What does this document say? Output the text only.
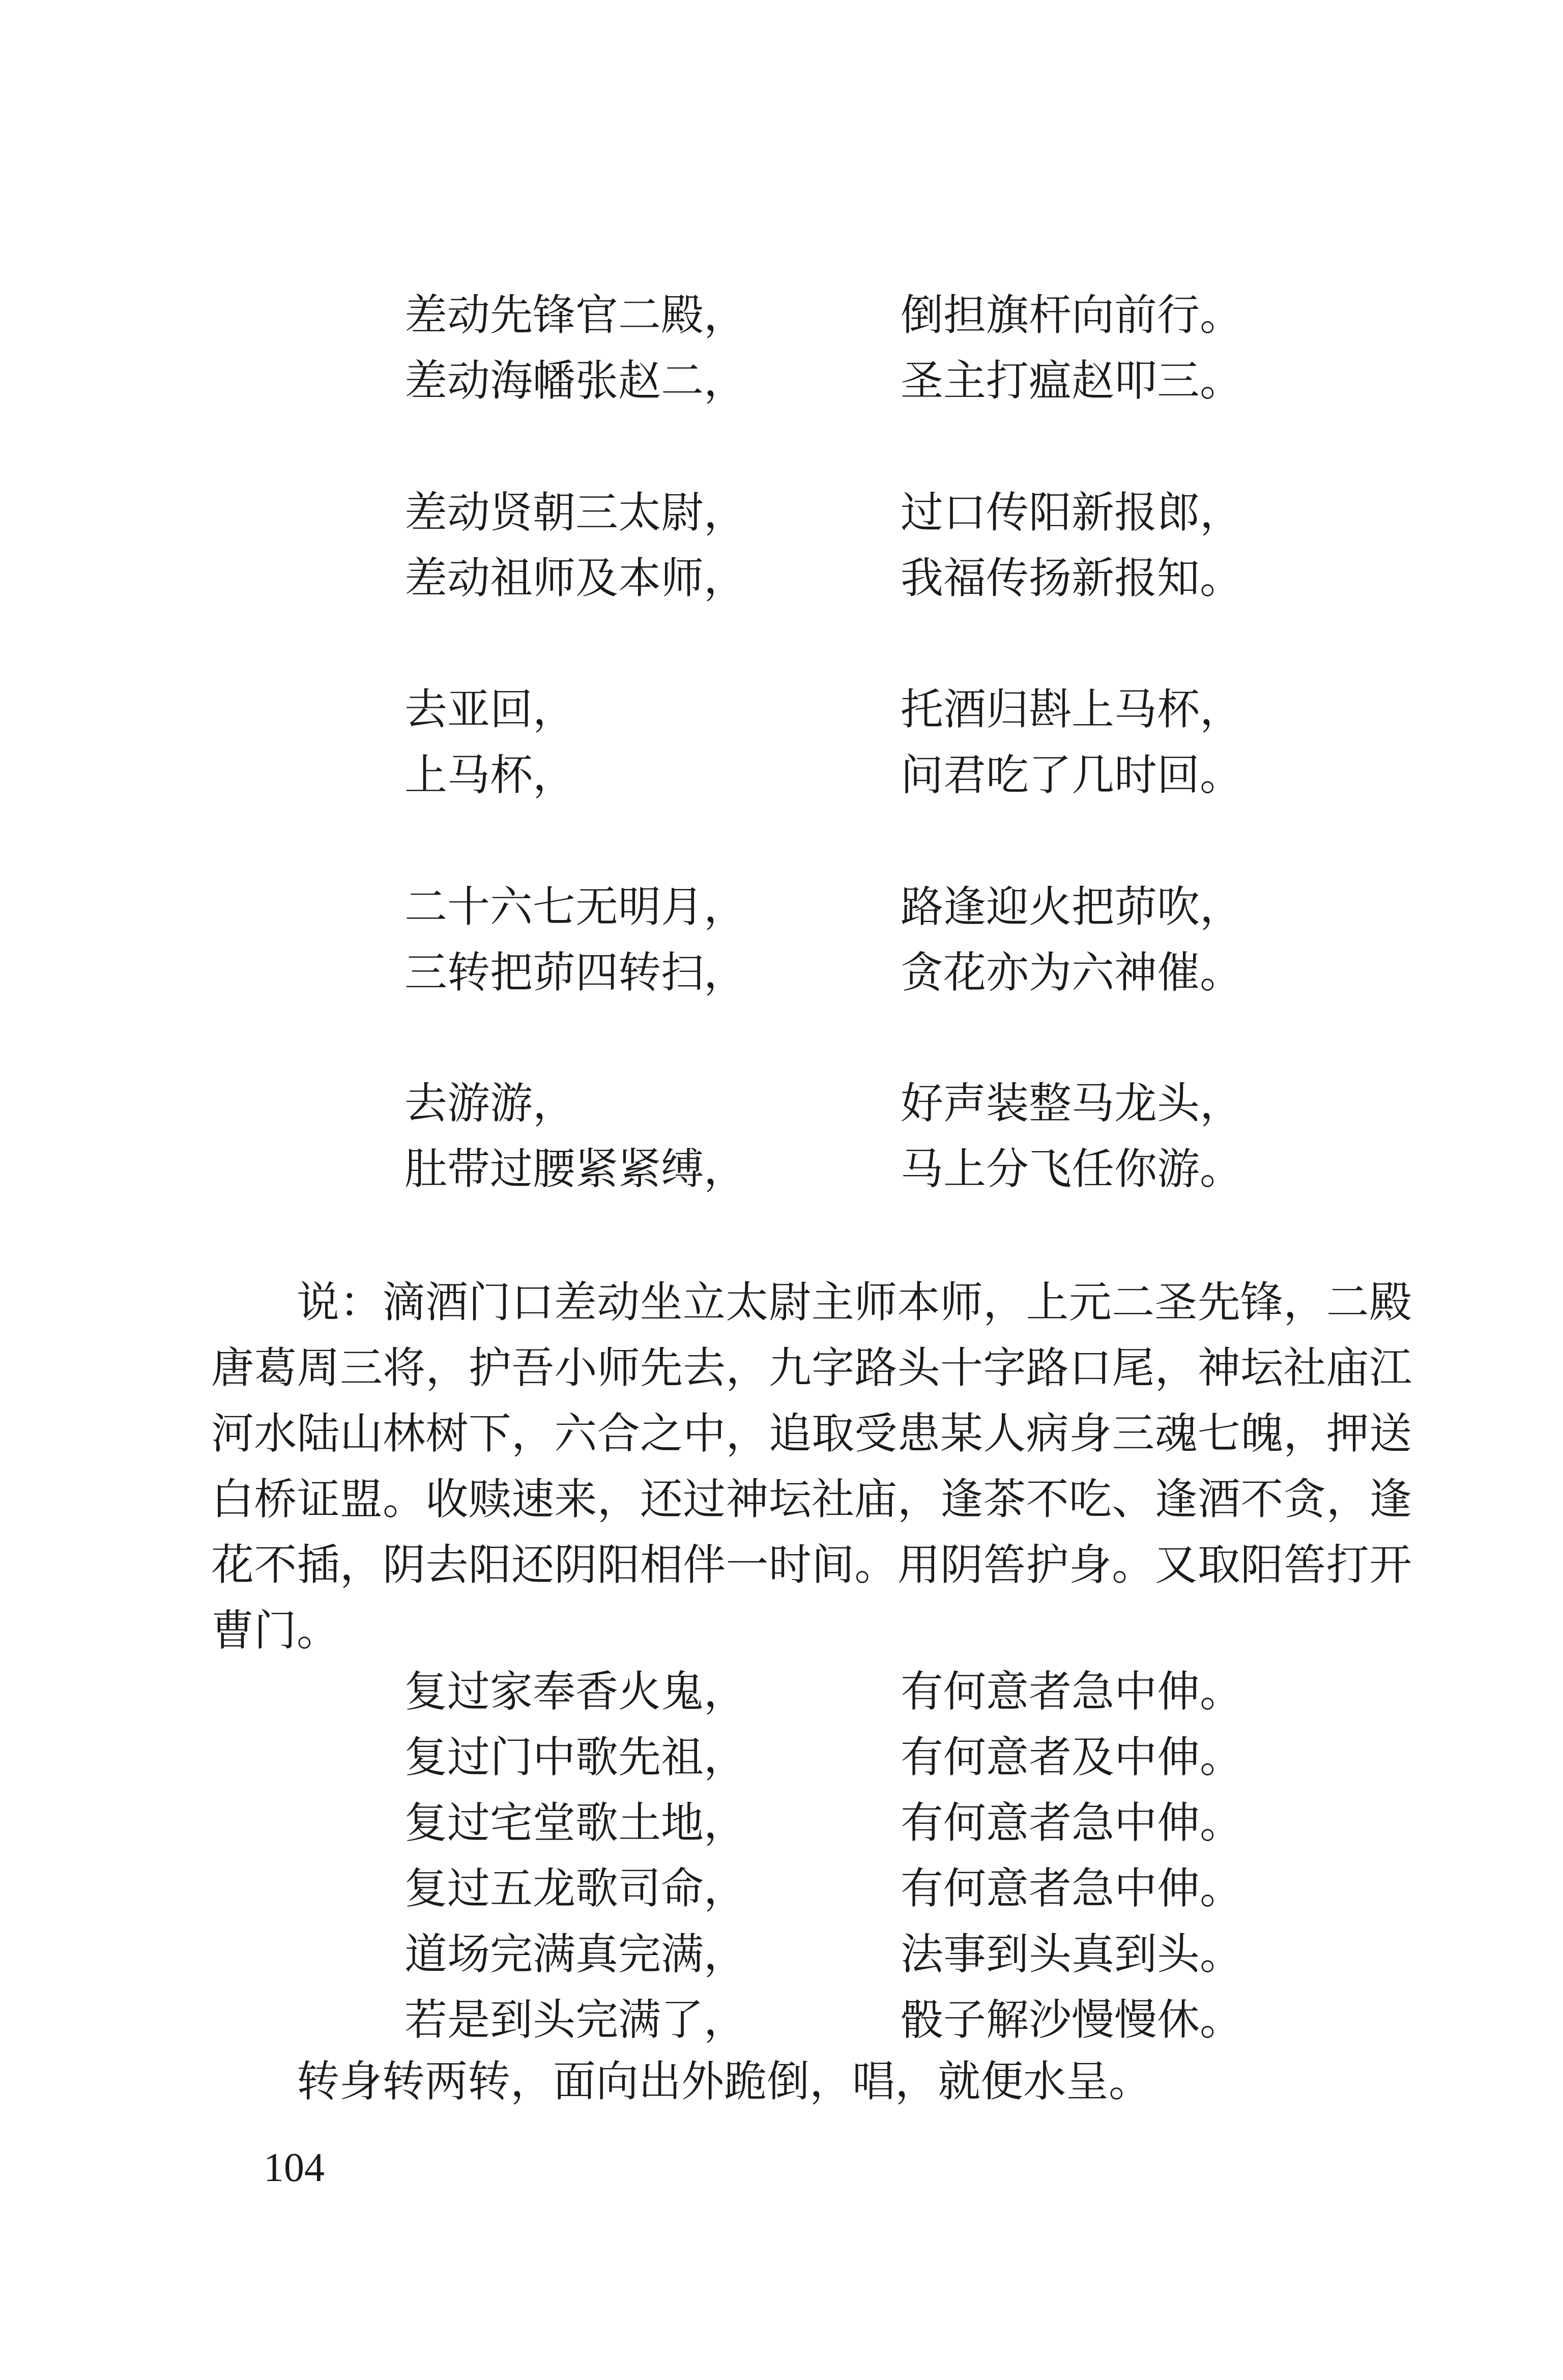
差动先锋官二殿，	倒担旗杆向前行。
差动海幡张赵二，	圣主打瘟赵叩三。
差动贤朝三太尉，	过口传阳新报郎，
差动祖师及本师，	我福传扬新报知。
去亚回，	托酒归斟上马杯，
上马杯，	问君吃了几时回。
二十六七无明月，	路逢迎火把茆吹，
三转把茆四转扫，	贪花亦为六神催。
去游游，	好声装整马龙头，
肚带过腰紧紧缚，	马上分飞任你游。

说：滴酒门口差动坐立太尉主师本师，上元二圣先锋，二殿唐葛周三将，护吾小师先去，九字路头十字路口尾，神坛社庙江河水陆山林树下，六合之中，追取受患某人病身三魂七魄，押送白桥证盟。收赎速来，还过神坛社庙，逢茶不吃、逢酒不贪，逢花不插，阴去阳还阴阳相伴一时间。用阴筶护身。又取阳筶打开曹门。

复过家奉香火鬼，	有何意者急中伸。
复过门中歌先祖，	有何意者及中伸。
复过宅堂歌土地，	有何意者急中伸。
复过五龙歌司命，	有何意者急中伸。
道场完满真完满，	法事到头真到头。
若是到头完满了，	骰子解沙慢慢休。
转身转两转，面向出外跪倒，唱，就便水呈。
104
